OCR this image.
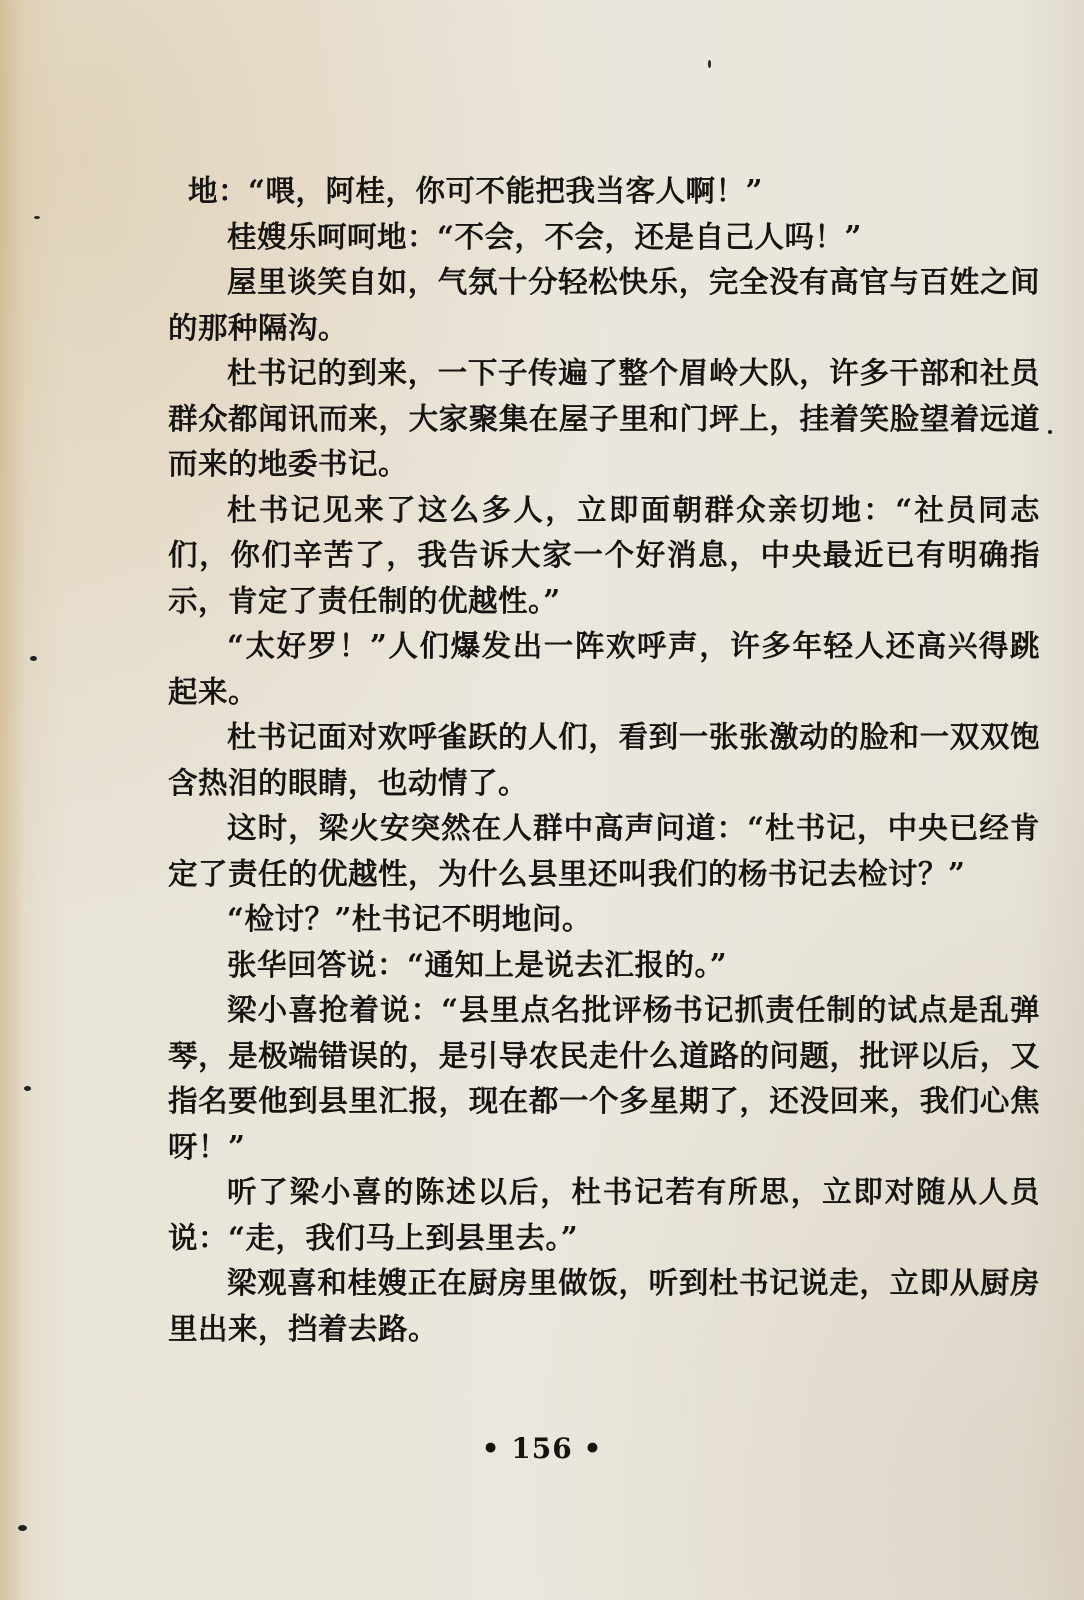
地：“喂，阿桂，你可不能把我当客人啊！”

桂嫂乐呵呵地：“不会，不会，还是自己人吗！”

屋里谈笑自如，气氛十分轻松快乐，完全没有高官与百姓之间的那种隔沟。

杜书记的到来，一下子传遍了整个眉岭大队，许多干部和社员群众都闻讯而来，大家聚集在屋子里和门坪上，挂着笑脸望着远道而来的地委书记。

杜书记见来了这么多人，立即面朝群众亲切地：“社员同志们，你们辛苦了，我告诉大家一个好消息，中央最近已有明确指示，肯定了责任制的优越性。”

“太好罗！”人们爆发出一阵欢呼声，许多年轻人还高兴得跳起来。

杜书记面对欢呼雀跃的人们，看到一张张激动的脸和一双双饱含热泪的眼睛，也动情了。

这时，梁火安突然在人群中高声问道：“杜书记，中央已经肯定了责任的优越性，为什么县里还叫我们的杨书记去检讨？”

“检讨？”杜书记不明地问。

张华回答说：“通知上是说去汇报的。”

梁小喜抢着说：“县里点名批评杨书记抓责任制的试点是乱弹琴，是极端错误的，是引导农民走什么道路的问题，批评以后，又指名要他到县里汇报，现在都一个多星期了，还没回来，我们心焦呀！”

听了梁小喜的陈述以后，杜书记若有所思，立即对随从人员说：“走，我们马上到县里去。”

梁观喜和桂嫂正在厨房里做饭，听到杜书记说走，立即从厨房里出来，挡着去路。

• 156 •
